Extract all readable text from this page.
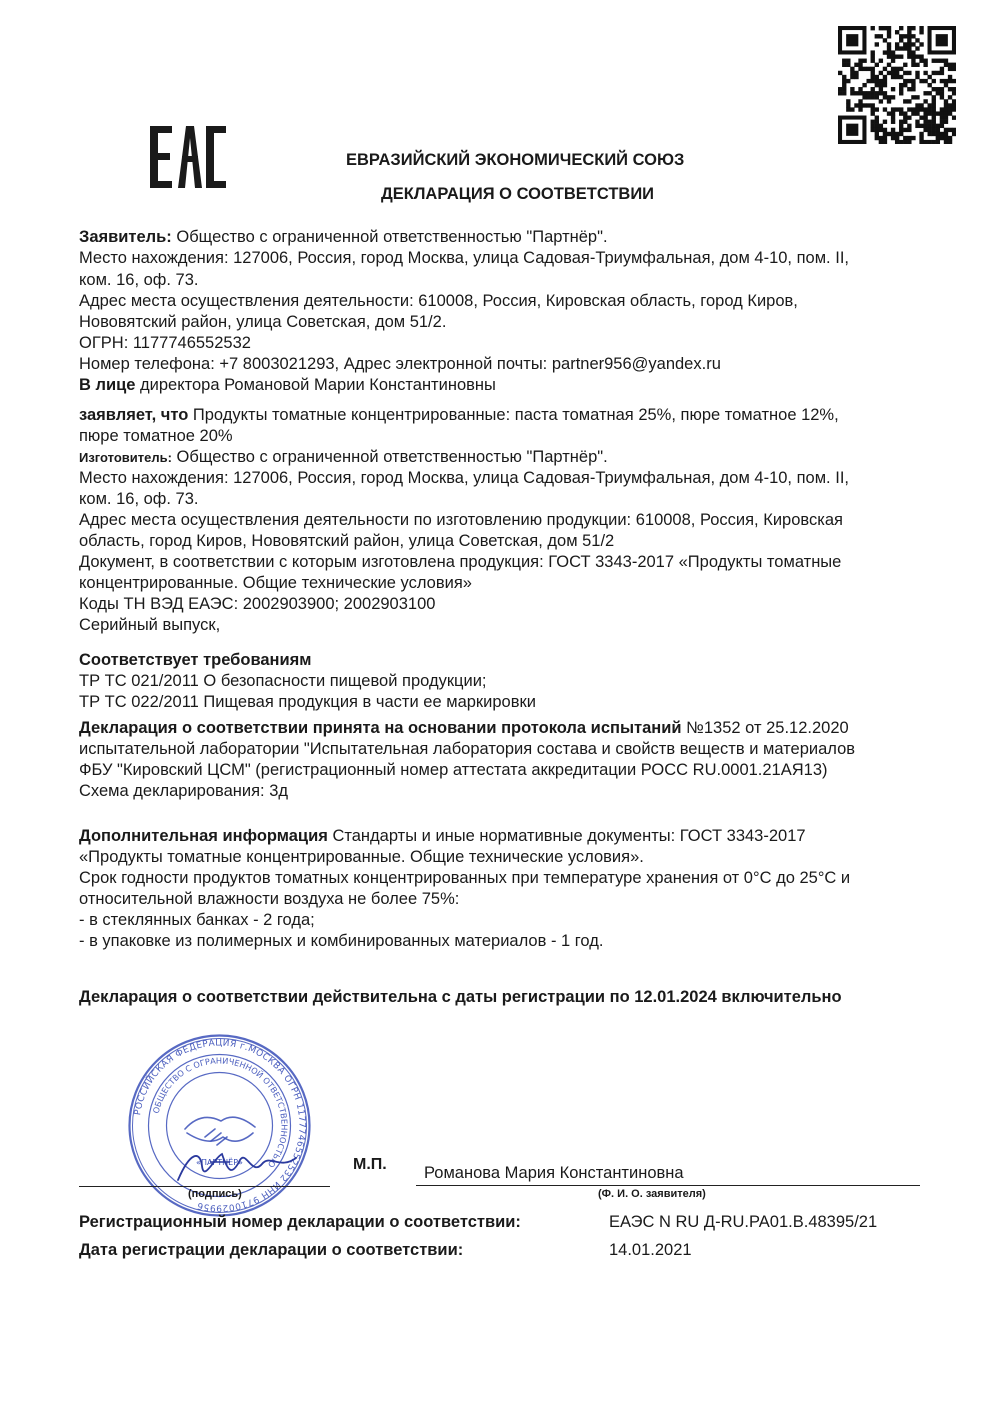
ЕВРАЗИЙСКИЙ ЭКОНОМИЧЕСКИЙ СОЮЗ
ДЕКЛАРАЦИЯ О СООТВЕТСТВИИ
Заявитель: Общество с ограниченной ответственностью "Партнёр".
Место нахождения: 127006, Россия, город Москва, улица Садовая-Триумфальная, дом 4-10, пом. II,
ком. 16, оф. 73.
Адрес места осуществления деятельности: 610008, Россия, Кировская область, город Киров,
Нововятский район, улица Советская, дом 51/2.
ОГРН: 1177746552532
Номер телефона: +7 8003021293, Адрес электронной почты: partner956@yandex.ru
В лице директора Романовой Марии Константиновны
заявляет, что Продукты томатные концентрированные: паста томатная 25%, пюре томатное 12%,
пюре томатное 20%
Изготовитель: Общество с ограниченной ответственностью "Партнёр".
Место нахождения: 127006, Россия, город Москва, улица Садовая-Триумфальная, дом 4-10, пом. II,
ком. 16, оф. 73.
Адрес места осуществления деятельности по изготовлению продукции: 610008, Россия, Кировская
область, город Киров, Нововятский район, улица Советская, дом 51/2
Документ, в соответствии с которым изготовлена продукция: ГОСТ 3343-2017 «Продукты томатные
концентрированные. Общие технические условия»
Коды ТН ВЭД ЕАЭС: 2002903900; 2002903100
Серийный выпуск,
Соответствует требованиям
ТР ТС 021/2011 О безопасности пищевой продукции;
ТР ТС 022/2011 Пищевая продукция в части ее маркировки
Декларация о соответствии принята на основании протокола испытаний №1352 от 25.12.2020
испытательной лаборатории "Испытательная лаборатория состава и свойств веществ и материалов
ФБУ "Кировский ЦСМ" (регистрационный номер аттестата аккредитации РОСС RU.0001.21АЯ13)
Схема декларирования: 3д
Дополнительная информация Стандарты и иные нормативные документы: ГОСТ 3343-2017
«Продукты томатные концентрированные. Общие технические условия».
Срок годности продуктов томатных концентрированных при температуре хранения от 0°С до 25°С и
относительной влажности воздуха не более 75%:
- в стеклянных банках - 2 года;
- в упаковке из полимерных и комбинированных материалов - 1 год.
Декларация о соответствии действительна с даты регистрации по 12.01.2024 включительно
РОССИЙСКАЯ ФЕДЕРАЦИЯ г.МОСКВА ОГРН 1177746552532 ИНН 9710029956
ОБЩЕСТВО С ОГРАНИЧЕННОЙ ОТВЕТСТВЕННОСТЬЮ
«ПАРТНЁР»
(подпись)
М.П. Романова Мария Константиновна
(Ф. И. О. заявителя)
Регистрационный номер декларации о соответствии:	ЕАЭС N RU Д-RU.PA01.B.48395/21
Дата регистрации декларации о соответствии:	14.01.2021
